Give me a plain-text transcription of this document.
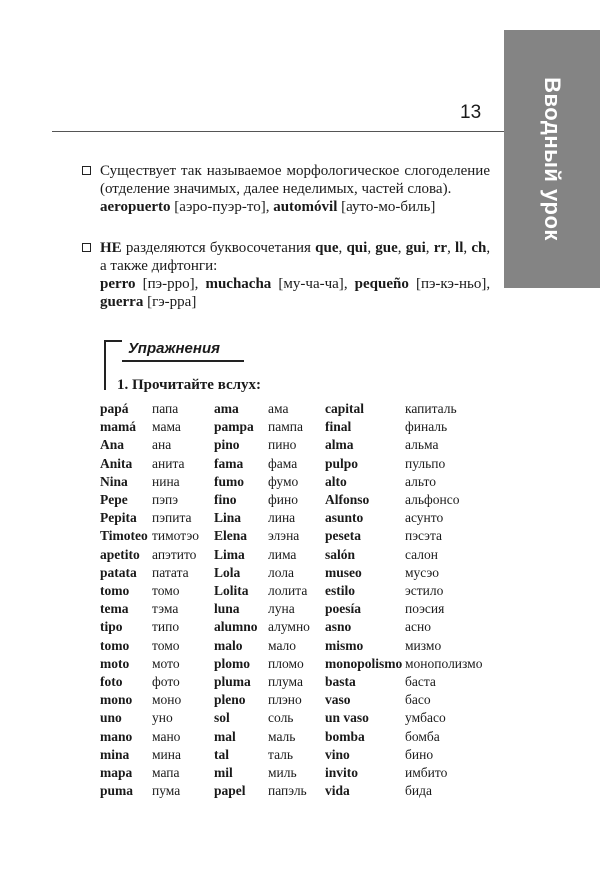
Вводный урок
13

Существует так называемое морфологическое слогоделение (отделение значимых, далее неделимых, частей слова).

aeropuerto [аэро-пуэр-то], automóvil [ауто-мо-биль]

НЕ разделяются буквосочетания que, qui, gue, gui, rr, ll, ch, а также дифтонги:

perro [пэ-рро], muchacha [му-ча-ча], pequeño [пэ-кэ-ньо], guerra [гэ-рра]

Упражнения
1. Прочитайте вслух:
papá	папа	ama	ама	capital	капиталь
mamá	мама	pampa	пампа	final	финаль
Ana	ана	pino	пино	alma	альма
Anita	анита	fama	фама	pulpo	пульпо
Nina	нина	fumo	фумо	alto	альто
Pepe	пэпэ	fino	фино	Alfonso	альфонсо
Pepita	пэпита	Lina	лина	asunto	асунто
Timoteo	тимотэо	Elena	элэна	peseta	пэсэта
apetito	апэтито	Lima	лима	salón	салон
patata	патата	Lola	лола	museo	мусэо
tomo	томо	Lolita	лолита	estilo	эстило
tema	тэма	luna	луна	poesía	поэсия
tipo	типо	alumno	алумно	asno	асно
tomo	томо	malo	мало	mismo	мизмо
moto	мото	plomo	пломо	monopolismo	монополизмо
foto	фото	pluma	плума	basta	баста
mono	моно	pleno	плэно	vaso	басо
uno	уно	sol	соль	un vaso	умбасо
mano	мано	mal	маль	bomba	бомба
mina	мина	tal	таль	vino	бино
mapa	мапа	mil	миль	invito	имбито
puma	пума	papel	папэль	vida	бида
